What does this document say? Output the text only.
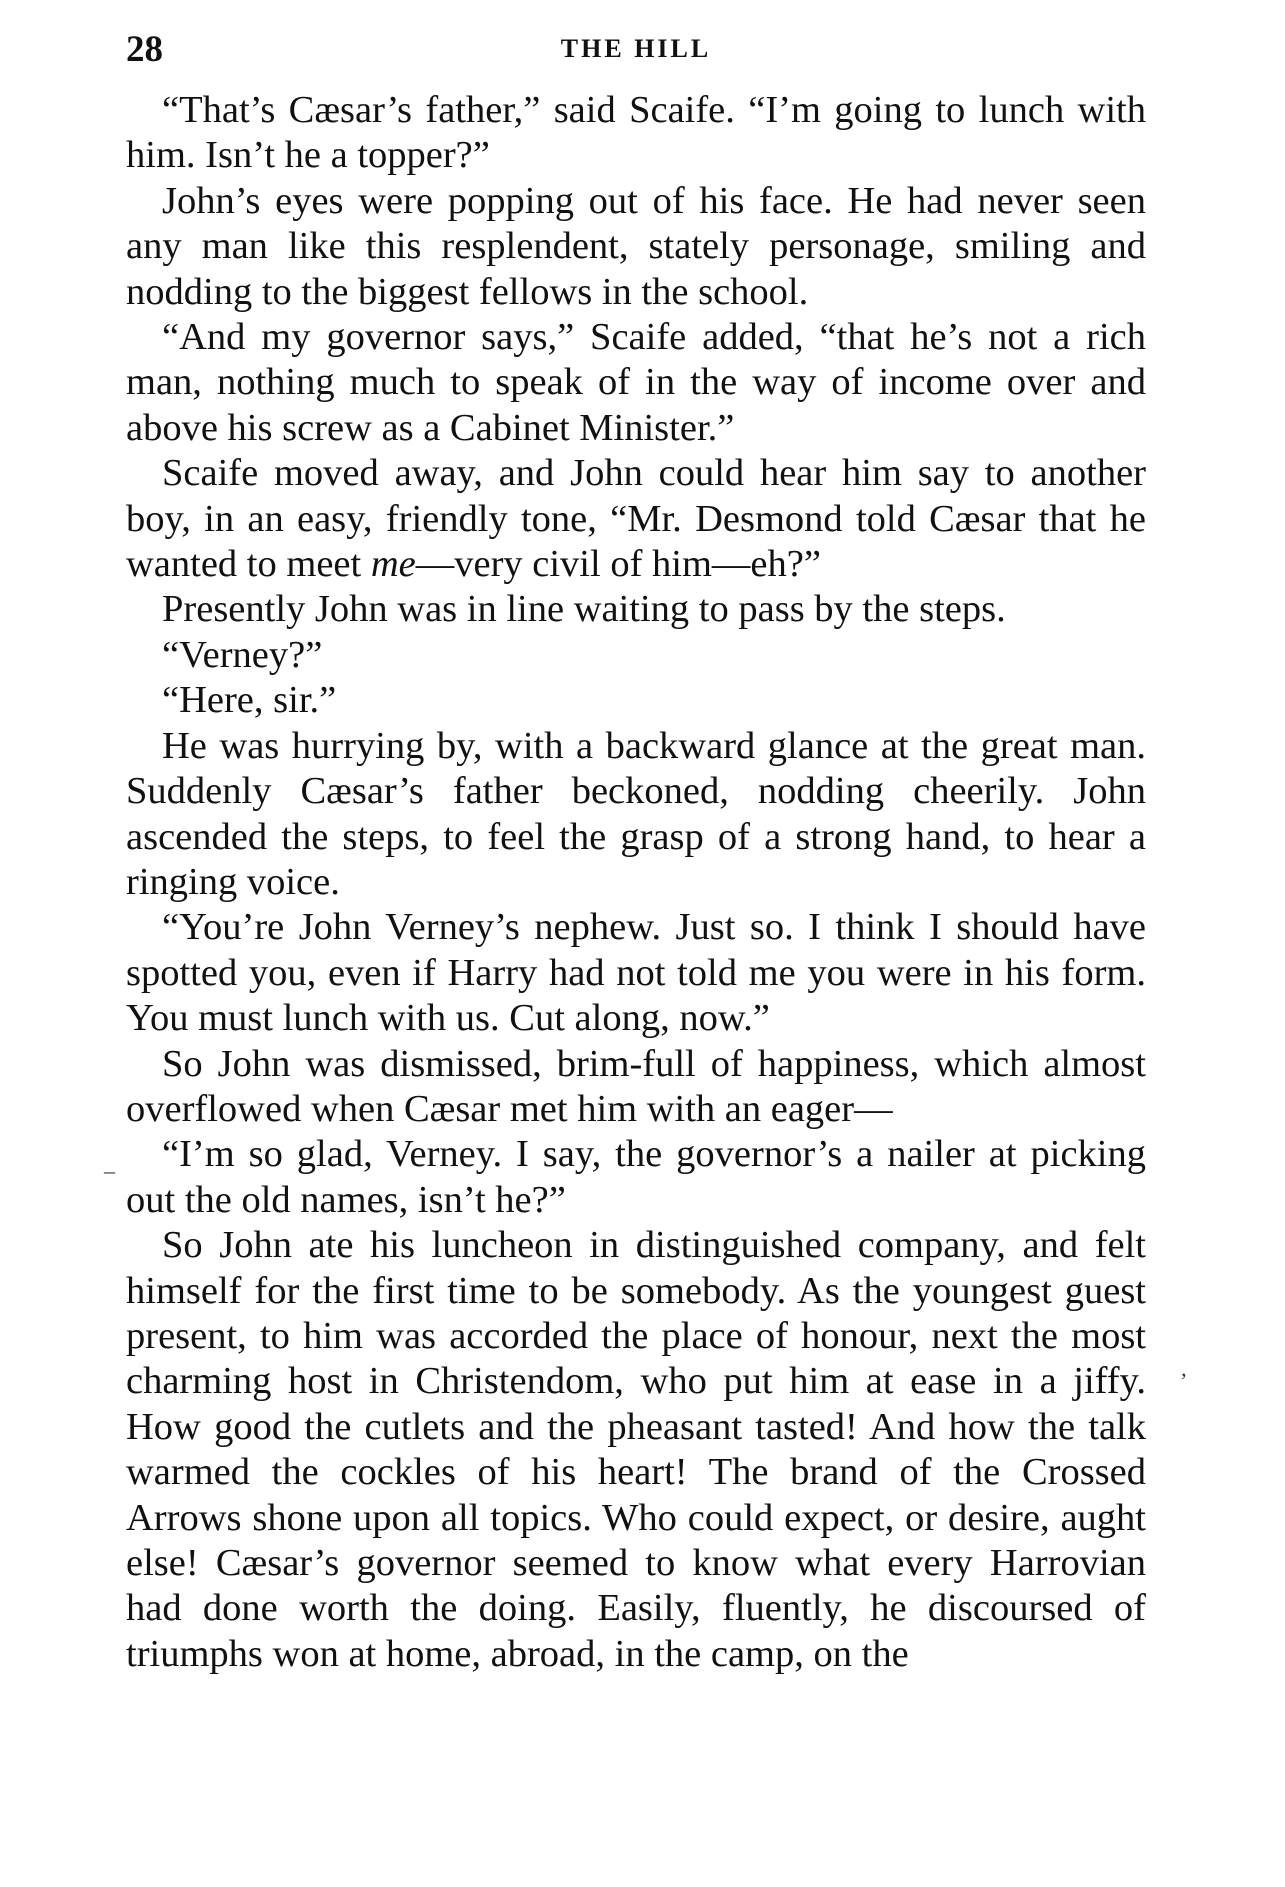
28	THE HILL

“That’s Cæsar’s father,” said Scaife. “I’m going to lunch with him. Isn’t he a topper?”

John’s eyes were popping out of his face. He had never seen any man like this resplendent, stately personage, smiling and nodding to the biggest fellows in the school.

“And my governor says,” Scaife added, “that he’s not a rich man, nothing much to speak of in the way of income over and above his screw as a Cabinet Minister.”

Scaife moved away, and John could hear him say to another boy, in an easy, friendly tone, “Mr. Desmond told Cæsar that he wanted to meet me—very civil of him—eh?”

Presently John was in line waiting to pass by the steps.

“Verney?”

“Here, sir.”

He was hurrying by, with a backward glance at the great man. Suddenly Cæsar’s father beckoned, nodding cheerily. John ascended the steps, to feel the grasp of a strong hand, to hear a ringing voice.

“You’re John Verney’s nephew. Just so. I think I should have spotted you, even if Harry had not told me you were in his form. You must lunch with us. Cut along, now.”

So John was dismissed, brim-full of happiness, which almost overflowed when Cæsar met him with an eager—

“I’m so glad, Verney. I say, the governor’s a nailer at picking out the old names, isn’t he?”

So John ate his luncheon in distinguished company, and felt himself for the first time to be somebody. As the youngest guest present, to him was accorded the place of honour, next the most charming host in Christendom, who put him at ease in a jiffy. How good the cutlets and the pheasant tasted! And how the talk warmed the cockles of his heart! The brand of the Crossed Arrows shone upon all topics. Who could expect, or desire, aught else! Cæsar’s governor seemed to know what every Harrovian had done worth the doing. Easily, fluently, he discoursed of triumphs won at home, abroad, in the camp, on the

–
’
